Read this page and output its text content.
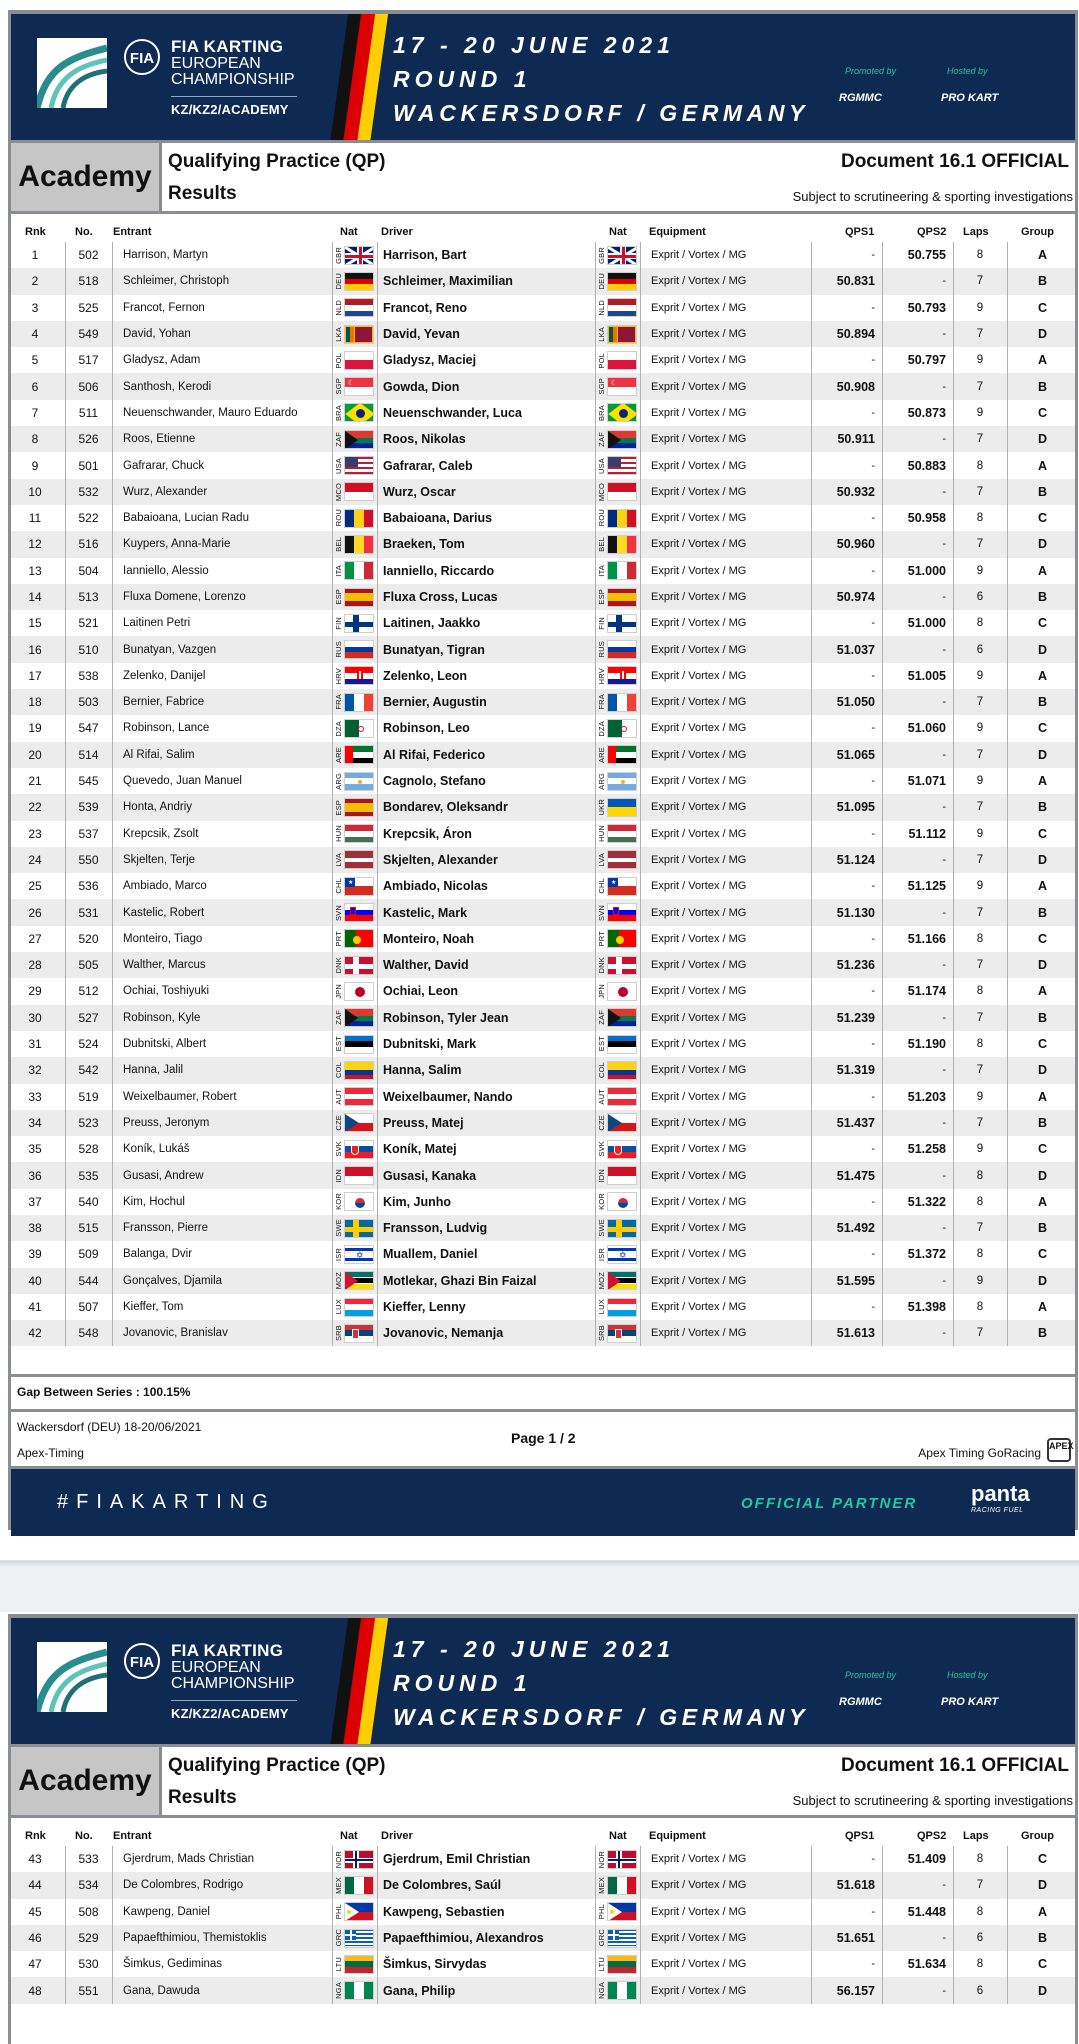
FIA
FIA KARTING
EUROPEAN
CHAMPIONSHIP
KZ/KZ2/ACADEMY
17 - 20 JUNE 2021
ROUND 1
WACKERSDORF / GERMANY
Promoted by
RGMMC
Hosted by
PRO KART
Academy Qualifying Practice (QP)
Results
Document 16.1 OFFICIAL
Subject to scrutineering & sporting investigations
Rnk	No. Entrant	Nat Driver	Nat Equipment	QPS1	QPS2 Laps	Group
1	502	Harrison, Martyn	GBR	Harrison, Bart	GBR	Exprit / Vortex / MG	-	50.755	8	A
2	518	Schleimer, Christoph	DEU	Schleimer, Maximilian	DEU	Exprit / Vortex / MG	50.831	-	7	B
3	525	Francot, Fernon	NLD	Francot, Reno	NLD	Exprit / Vortex / MG	-	50.793	9	C
4	549	David, Yohan	LKA	David, Yevan	LKA	Exprit / Vortex / MG	50.894	-	7	D
5	517	Gladysz, Adam	POL	Gladysz, Maciej	POL	Exprit / Vortex / MG	-	50.797	9	A
6	506	Santhosh, Kerodi	SGP ☾	Gowda, Dion	SGP ☾	Exprit / Vortex / MG	50.908	-	7	B
7	511	Neuenschwander, Mauro Eduardo	BRA	Neuenschwander, Luca	BRA	Exprit / Vortex / MG	-	50.873	9	C
8	526	Roos, Etienne	ZAF	Roos, Nikolas	ZAF	Exprit / Vortex / MG	50.911	-	7	D
9	501	Gafrarar, Chuck	USA	Gafrarar, Caleb	USA	Exprit / Vortex / MG	-	50.883	8	A
10	532	Wurz, Alexander	MCO	Wurz, Oscar	MCO	Exprit / Vortex / MG	50.932	-	7	B
11	522	Babaioana, Lucian Radu	ROU	Babaioana, Darius	ROU	Exprit / Vortex / MG	-	50.958	8	C
12	516	Kuypers, Anna-Marie	BEL	Braeken, Tom	BEL	Exprit / Vortex / MG	50.960	-	7	D
13	504	Ianniello, Alessio	ITA	Ianniello, Riccardo	ITA	Exprit / Vortex / MG	-	51.000	9	A
14	513	Fluxa Domene, Lorenzo	ESP	Fluxa Cross, Lucas	ESP	Exprit / Vortex / MG	50.974	-	6	B
15	521	Laitinen Petri	FIN	Laitinen, Jaakko	FIN	Exprit / Vortex / MG	-	51.000	8	C
16	510	Bunatyan, Vazgen	RUS	Bunatyan, Tigran	RUS	Exprit / Vortex / MG	51.037	-	6	D
17	538	Zelenko, Danijel	HRV	Zelenko, Leon	HRV	Exprit / Vortex / MG	-	51.005	9	A
18	503	Bernier, Fabrice	FRA	Bernier, Augustin	FRA	Exprit / Vortex / MG	51.050	-	7	B
19	547	Robinson, Lance	DZA	Robinson, Leo	DZA	Exprit / Vortex / MG	-	51.060	9	C
20	514	Al Rifai, Salim	ARE	Al Rifai, Federico	ARE	Exprit / Vortex / MG	51.065	-	7	D
21	545	Quevedo, Juan Manuel	ARG	Cagnolo, Stefano	ARG	Exprit / Vortex / MG	-	51.071	9	A
22	539	Honta, Andriy	ESP	Bondarev, Oleksandr	UKR	Exprit / Vortex / MG	51.095	-	7	B
23	537	Krepcsik, Zsolt	HUN	Krepcsik, Áron	HUN	Exprit / Vortex / MG	-	51.112	9	C
24	550	Skjelten, Terje	LVA	Skjelten, Alexander	LVA	Exprit / Vortex / MG	51.124	-	7	D
25	536	Ambiado, Marco	CHL ★	Ambiado, Nicolas	CHL ★	Exprit / Vortex / MG	-	51.125	9	A
26	531	Kastelic, Robert	SVN	Kastelic, Mark	SVN	Exprit / Vortex / MG	51.130	-	7	B
27	520	Monteiro, Tiago	PRT	Monteiro, Noah	PRT	Exprit / Vortex / MG	-	51.166	8	C
28	505	Walther, Marcus	DNK	Walther, David	DNK	Exprit / Vortex / MG	51.236	-	7	D
29	512	Ochiai, Toshiyuki	JPN	Ochiai, Leon	JPN	Exprit / Vortex / MG	-	51.174	8	A
30	527	Robinson, Kyle	ZAF	Robinson, Tyler Jean	ZAF	Exprit / Vortex / MG	51.239	-	7	B
31	524	Dubnitski, Albert	EST	Dubnitski, Mark	EST	Exprit / Vortex / MG	-	51.190	8	C
32	542	Hanna, Jalil	COL	Hanna, Salim	COL	Exprit / Vortex / MG	51.319	-	7	D
33	519	Weixelbaumer, Robert	AUT	Weixelbaumer, Nando	AUT	Exprit / Vortex / MG	-	51.203	9	A
34	523	Preuss, Jeronym	CZE	Preuss, Matej	CZE	Exprit / Vortex / MG	51.437	-	7	B
35	528	Koník, Lukáš	SVK	Koník, Matej	SVK	Exprit / Vortex / MG	-	51.258	9	C
36	535	Gusasi, Andrew	IDN	Gusasi, Kanaka	IDN	Exprit / Vortex / MG	51.475	-	8	D
37	540	Kim, Hochul	KOR	Kim, Junho	KOR	Exprit / Vortex / MG	-	51.322	8	A
38	515	Fransson, Pierre	SWE	Fransson, Ludvig	SWE	Exprit / Vortex / MG	51.492	-	7	B
39	509	Balanga, Dvir	ISR ✡	Muallem, Daniel	ISR ✡	Exprit / Vortex / MG	-	51.372	8	C
40	544	Gonçalves, Djamila	MOZ	Motlekar, Ghazi Bin Faizal	MOZ	Exprit / Vortex / MG	51.595	-	9	D
41	507	Kieffer, Tom	LUX	Kieffer, Lenny	LUX	Exprit / Vortex / MG	-	51.398	8	A
42	548	Jovanovic, Branislav	SRB	Jovanovic, Nemanja	SRB	Exprit / Vortex / MG	51.613	-	7	B
Gap Between Series : 100.15%
Wackersdorf (DEU) 18-20/06/2021
Apex-Timing
Page 1 / 2
Apex Timing GoRacing APEX
#FIAKARTING	OFFICIAL PARTNER panta
RACING FUEL
FIA
FIA KARTING
EUROPEAN
CHAMPIONSHIP
KZ/KZ2/ACADEMY
17 - 20 JUNE 2021
ROUND 1
WACKERSDORF / GERMANY
Promoted by
RGMMC
Hosted by
PRO KART
Academy Qualifying Practice (QP)
Results
Document 16.1 OFFICIAL
Subject to scrutineering & sporting investigations
Rnk	No. Entrant	Nat Driver	Nat Equipment	QPS1	QPS2 Laps	Group
43	533	Gjerdrum, Mads Christian	NOR	Gjerdrum, Emil Christian	NOR	Exprit / Vortex / MG	-	51.409	8	C
44	534	De Colombres, Rodrigo	MEX	De Colombres, Saúl	MEX	Exprit / Vortex / MG	51.618	-	7	D
45	508	Kawpeng, Daniel	PHL	Kawpeng, Sebastien	PHL	Exprit / Vortex / MG	-	51.448	8	A
46	529	Papaefthimiou, Themistoklis	GRC	Papaefthimiou, Alexandros	GRC	Exprit / Vortex / MG	51.651	-	6	B
47	530	Šimkus, Gediminas	LTU	Šimkus, Sirvydas	LTU	Exprit / Vortex / MG	-	51.634	8	C
48	551	Gana, Dawuda	NGA	Gana, Philip	NGA	Exprit / Vortex / MG	56.157	-	6	D
